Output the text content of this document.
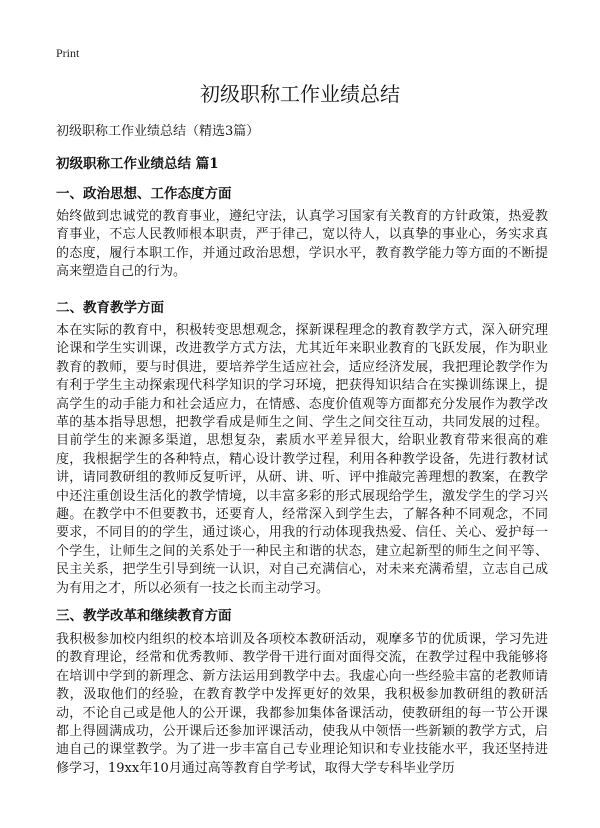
Print
初级职称工作业绩总结
初级职称工作业绩总结（精选3篇）
初级职称工作业绩总结 篇1
一、政治思想、工作态度方面

始终做到忠诚党的教育事业，遵纪守法，认真学习国家有关教育的方针政策，热爱教育事业，不忘人民教师根本职责，严于律己，宽以待人，以真挚的事业心，务实求真的态度，履行本职工作，并通过政治思想，学识水平，教育教学能力等方面的不断提高来塑造自己的行为。

二、教育教学方面

本在实际的教育中，积极转变思想观念，探新课程理念的教育教学方式，深入研究理论课和学生实训课，改进教学方式方法，尤其近年来职业教育的飞跃发展，作为职业教育的教师，要与时俱进，要培养学生适应社会，适应经济发展，我把理论教学作为有利于学生主动探索现代科学知识的学习环境，把获得知识结合在实操训练课上，提高学生的动手能力和社会适应力，在情感、态度价值观等方面都充分发展作为教学改革的基本指导思想，把教学看成是师生之间、学生之间交往互动，共同发展的过程。目前学生的来源多渠道，思想复杂，素质水平差异很大，给职业教育带来很高的难度，我根据学生的各种特点，精心设计教学过程，利用各种教学设备，先进行教材试讲，请同教研组的教师反复听评，从研、讲、听、评中推敲完善理想的教案，在教学中还注重创设生活化的教学情境，以丰富多彩的形式展现给学生，激发学生的学习兴趣。在教学中不但要教书，还要育人，经常深入到学生去，了解各种不同观念，不同要求，不同目的的学生，通过谈心，用我的行动体现我热爱、信任、关心、爱护每一个学生，让师生之间的关系处于一种民主和谐的状态，建立起新型的师生之间平等、民主关系，把学生引导到统一认识，对自己充满信心，对未来充满希望，立志自己成为有用之才，所以必须有一技之长而主动学习。

三、教学改革和继续教育方面

我积极参加校内组织的校本培训及各项校本教研活动，观摩多节的优质课，学习先进的教育理论，经常和优秀教师、教学骨干进行面对面得交流，在教学过程中我能够将在培训中学到的新理念、新方法运用到教学中去。我虚心向一些经验丰富的老教师请教，汲取他们的经验，在教育教学中发挥更好的效果，我积极参加教研组的教研活动，不论自己或是他人的公开课，我都参加集体备课活动，使教研组的每一节公开课都上得圆满成功，公开课后还参加评课活动，使我从中领悟一些新颖的教学方式，启迪自己的课堂教学。为了进一步丰富自己专业理论知识和专业技能水平，我还坚持进修学习，19xx年10月通过高等教育自学考试，取得大学专科毕业学历
